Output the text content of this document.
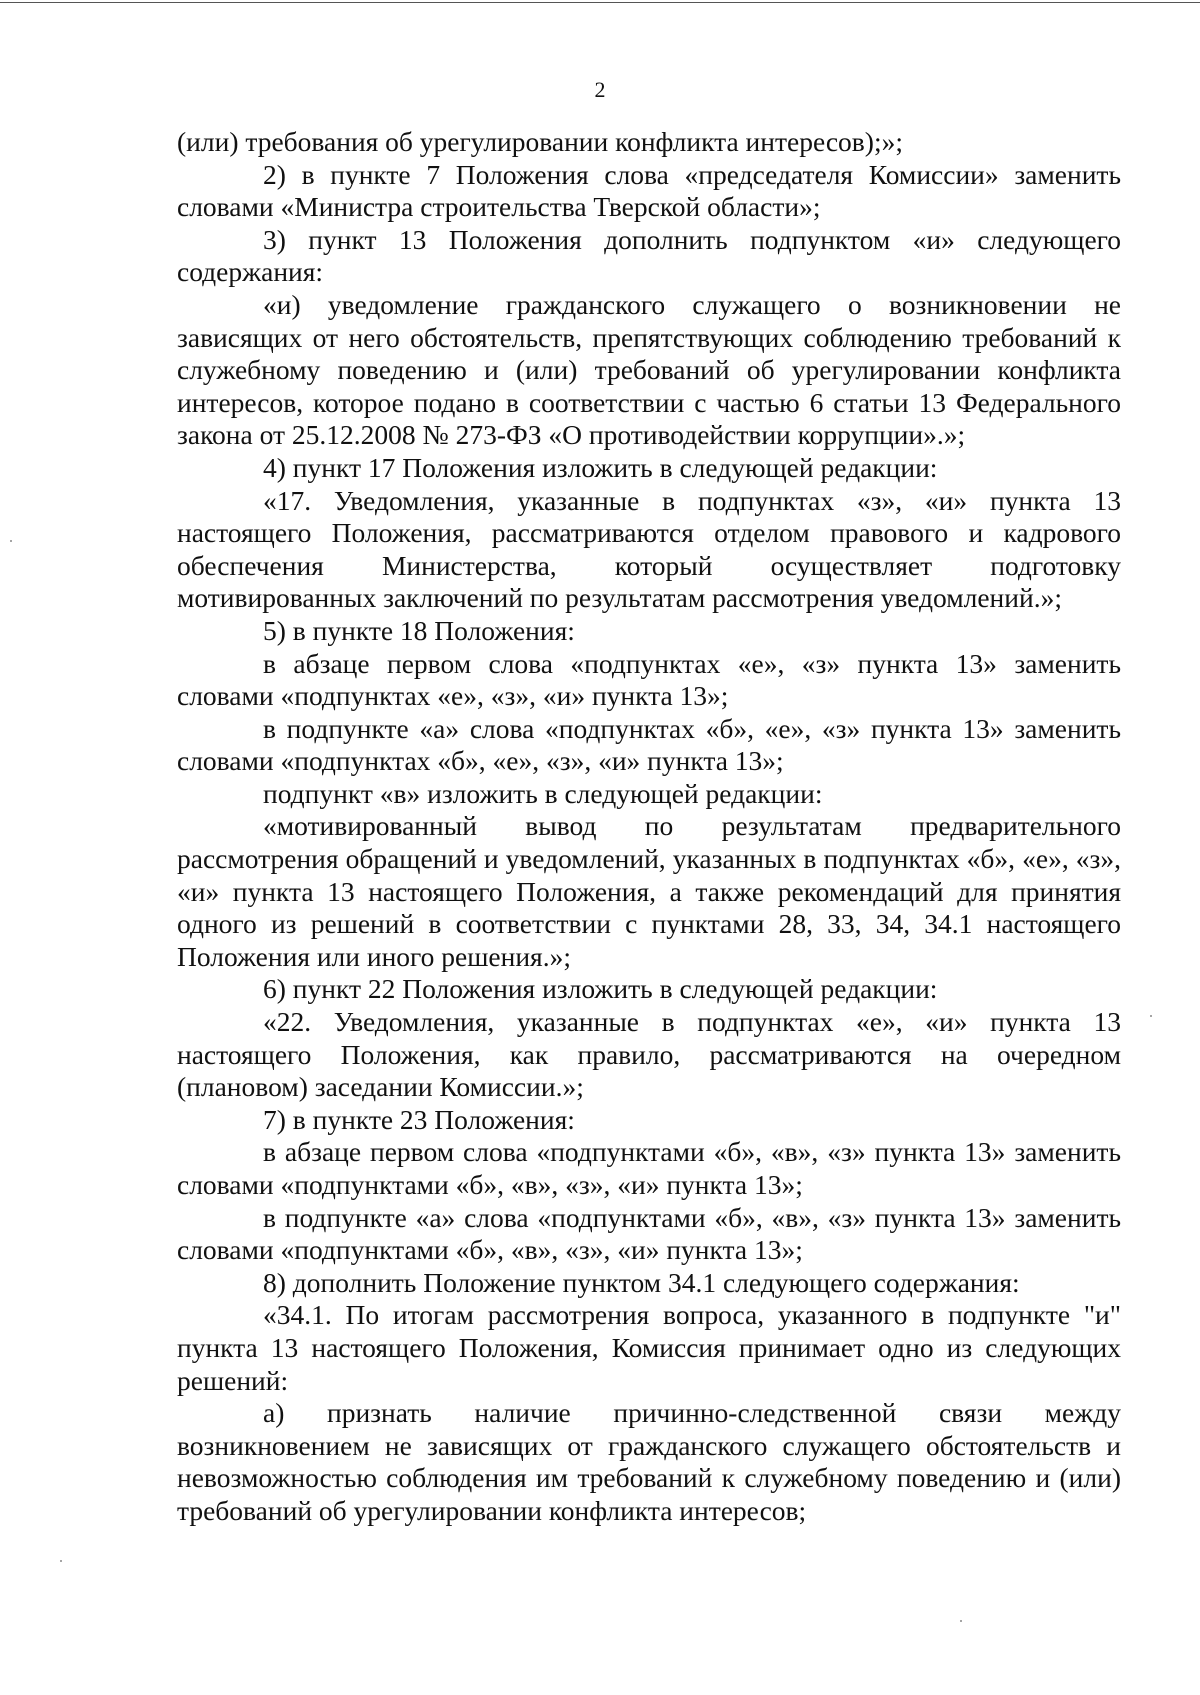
2

(или) требования об урегулировании конфликта интересов);»;

2) в пункте 7 Положения слова «председателя Комиссии» заменить словами «Министра строительства Тверской области»;

3) пункт 13 Положения дополнить подпунктом «и» следующего содержания:

«и) уведомление гражданского служащего о возникновении не зависящих от него обстоятельств, препятствующих соблюдению требований к служебному поведению и (или) требований об урегулировании конфликта интересов, которое подано в соответствии с частью 6 статьи 13 Федерального закона от 25.12.2008 № 273-ФЗ «О противодействии коррупции».»;

4) пункт 17 Положения изложить в следующей редакции:

«17. Уведомления, указанные в подпунктах «з», «и» пункта 13 настоящего Положения, рассматриваются отделом правового и кадрового обеспечения Министерства, который осуществляет подготовку мотивированных заключений по результатам рассмотрения уведомлений.»;

5) в пункте 18 Положения:

в абзаце первом слова «подпунктах «е», «з» пункта 13» заменить словами «подпунктах «е», «з», «и» пункта 13»;

в подпункте «а» слова «подпунктах «б», «е», «з» пункта 13» заменить словами «подпунктах «б», «е», «з», «и» пункта 13»;

подпункт «в» изложить в следующей редакции:

«мотивированный вывод по результатам предварительного рассмотрения обращений и уведомлений, указанных в подпунктах «б», «е», «з», «и» пункта 13 настоящего Положения, а также рекомендаций для принятия одного из решений в соответствии с пунктами 28, 33, 34, 34.1 настоящего Положения или иного решения.»;

6) пункт 22 Положения изложить в следующей редакции:

«22. Уведомления, указанные в подпунктах «е», «и» пункта 13 настоящего Положения, как правило, рассматриваются на очередном (плановом) заседании Комиссии.»;

7) в пункте 23 Положения:

в абзаце первом слова «подпунктами «б», «в», «з» пункта 13» заменить словами «подпунктами «б», «в», «з», «и» пункта 13»;

в подпункте «а» слова «подпунктами «б», «в», «з» пункта 13» заменить словами «подпунктами «б», «в», «з», «и» пункта 13»;

8) дополнить Положение пунктом 34.1 следующего содержания:

«34.1. По итогам рассмотрения вопроса, указанного в подпункте "и" пункта 13 настоящего Положения, Комиссия принимает одно из следующих решений:

а) признать наличие причинно-следственной связи между возникновением не зависящих от гражданского служащего обстоятельств и невозможностью соблюдения им требований к служебному поведению и (или) требований об урегулировании конфликта интересов;
